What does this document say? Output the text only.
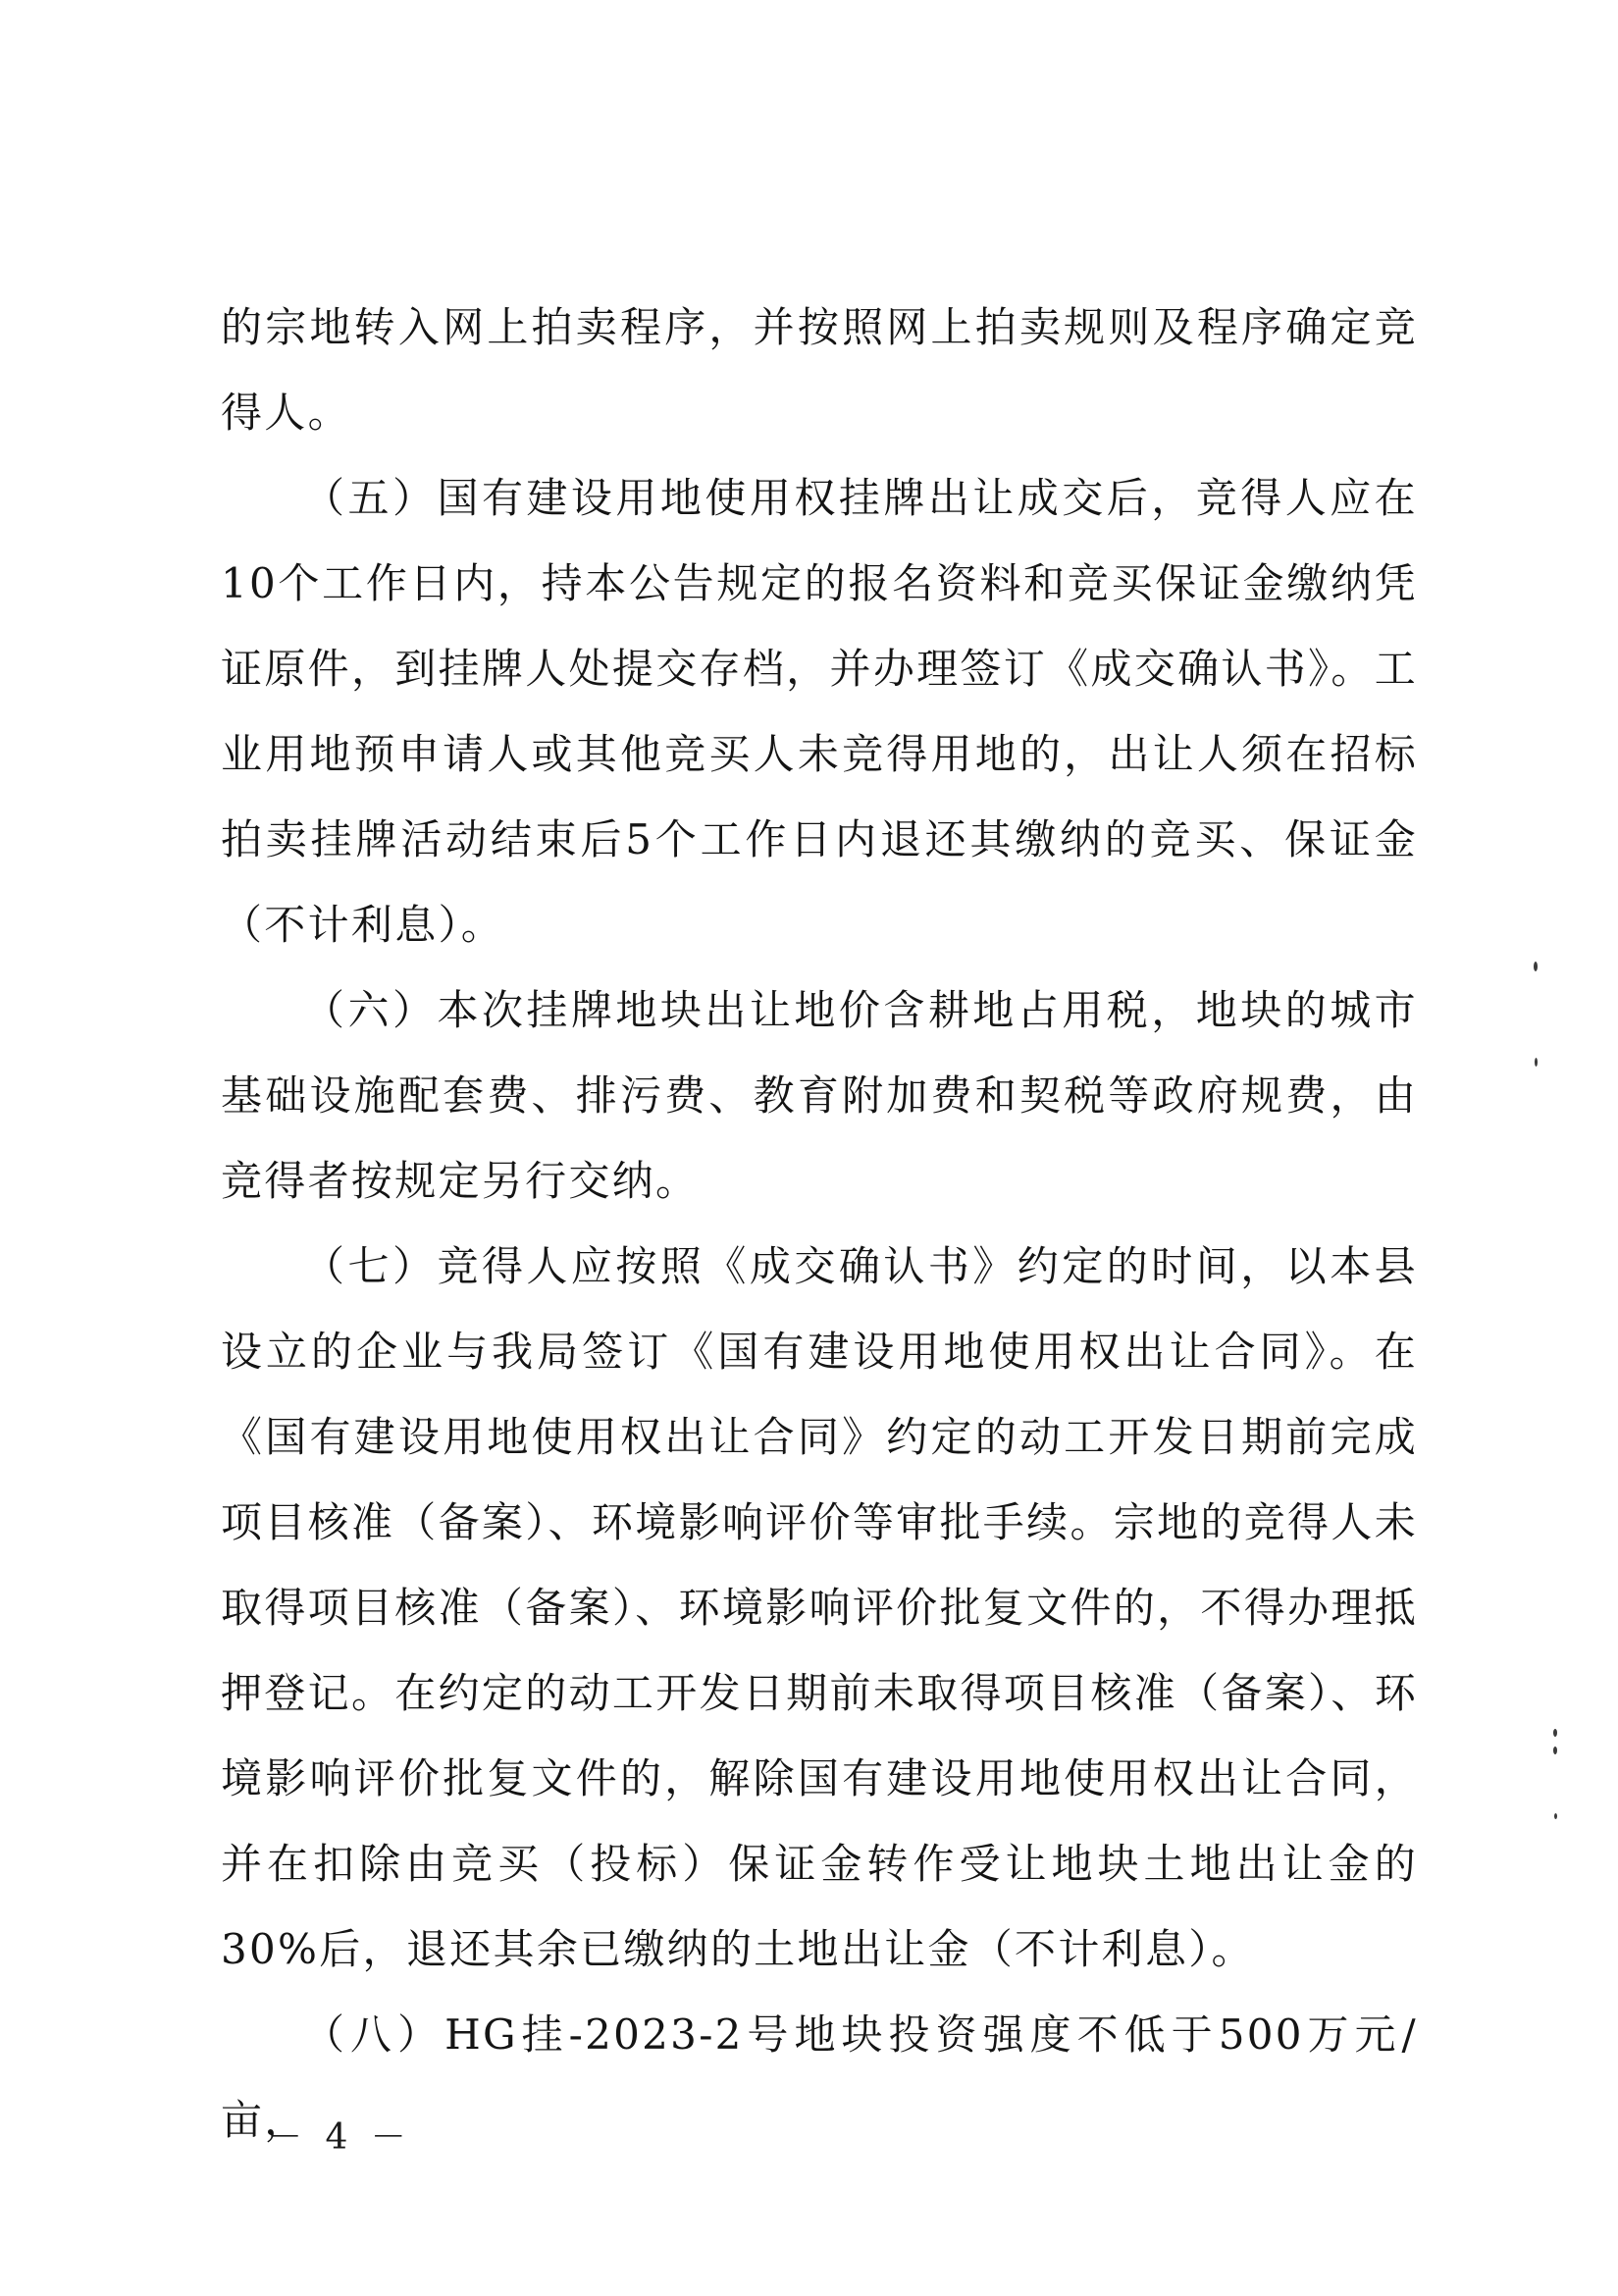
的宗地转入网上拍卖程序，并按照网上拍卖规则及程序确定竞得人。

（五）国有建设用地使用权挂牌出让成交后，竞得人应在10个工作日内，持本公告规定的报名资料和竞买保证金缴纳凭证原件，到挂牌人处提交存档，并办理签订《成交确认书》。工业用地预申请人或其他竞买人未竞得用地的，出让人须在招标拍卖挂牌活动结束后5个工作日内退还其缴纳的竞买、保证金（不计利息）。

（六）本次挂牌地块出让地价含耕地占用税，地块的城市基础设施配套费、排污费、教育附加费和契税等政府规费，由竞得者按规定另行交纳。

（七）竞得人应按照《成交确认书》约定的时间，以本县设立的企业与我局签订《国有建设用地使用权出让合同》。在《国有建设用地使用权出让合同》约定的动工开发日期前完成项目核准（备案）、环境影响评价等审批手续。宗地的竞得人未取得项目核准（备案）、环境影响评价批复文件的，不得办理抵押登记。在约定的动工开发日期前未取得项目核准（备案）、环境影响评价批复文件的，解除国有建设用地使用权出让合同，并在扣除由竞买（投标）保证金转作受让地块土地出让金的30%后，退还其余已缴纳的土地出让金（不计利息）。

（八）HG挂-2023-2号地块投资强度不低于500万元/亩，

－ 4 －
